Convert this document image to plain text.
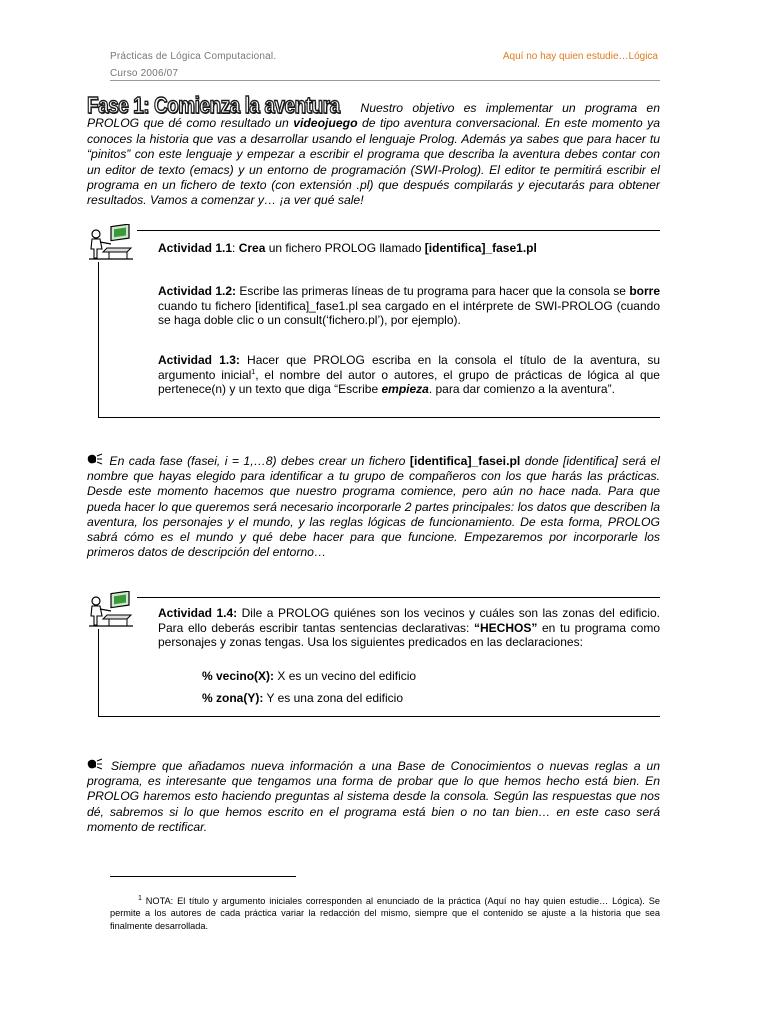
Prácticas de Lógica Computacional.
Curso 2006/07
Aquí no hay quien estudie…Lógica
Fase 1: Comienza la aventura Nuestro objetivo es implementar un programa en PROLOG que dé como resultado un videojuego de tipo aventura conversacional. En este momento ya conoces la historia que vas a desarrollar usando el lenguaje Prolog. Además ya sabes que para hacer tu “pinitos” con este lenguaje y empezar a escribir el programa que describa la aventura debes contar con un editor de texto (emacs) y un entorno de programación (SWI-Prolog). El editor te permitirá escribir el programa en un fichero de texto (con extensión .pl) que después compilarás y ejecutarás para obtener resultados. Vamos a comenzar y… ¡a ver qué sale!
Actividad 1.1: Crea un fichero PROLOG llamado [identifica]_fase1.pl
Actividad 1.2: Escribe las primeras líneas de tu programa para hacer que la consola se borre cuando tu fichero [identifica]_fase1.pl sea cargado en el intérprete de SWI-PROLOG (cuando se haga doble clic o un consult(‘fichero.pl’), por ejemplo).
Actividad 1.3: Hacer que PROLOG escriba en la consola el título de la aventura, su argumento inicial$^1$, el nombre del autor o autores, el grupo de prácticas de lógica al que pertenece(n) y un texto que diga “Escribe empieza. para dar comienzo a la aventura”.
En cada fase (fasei, i = 1,…8) debes crear un fichero [identifica]_fasei.pl donde [identifica] será el nombre que hayas elegido para identificar a tu grupo de compañeros con los que harás las prácticas. Desde este momento hacemos que nuestro programa comience, pero aún no hace nada. Para que pueda hacer lo que queremos será necesario incorporarle 2 partes principales: los datos que describen la aventura, los personajes y el mundo, y las reglas lógicas de funcionamiento. De esta forma, PROLOG sabrá cómo es el mundo y qué debe hacer para que funcione. Empezaremos por incorporarle los primeros datos de descripción del entorno…
Actividad 1.4: Dile a PROLOG quiénes son los vecinos y cuáles son las zonas del edificio. Para ello deberás escribir tantas sentencias declarativas: “HECHOS” en tu programa como personajes y zonas tengas. Usa los siguientes predicados en las declaraciones:
% vecino(X): X es un vecino del edificio
% zona(Y): Y es una zona del edificio
Siempre que añadamos nueva información a una Base de Conocimientos o nuevas reglas a un programa, es interesante que tengamos una forma de probar que lo que hemos hecho está bien. En PROLOG haremos esto haciendo preguntas al sistema desde la consola. Según las respuestas que nos dé, sabremos si lo que hemos escrito en el programa está bien o no tan bien… en este caso será momento de rectificar.
$^1$ NOTA: El título y argumento iniciales corresponden al enunciado de la práctica (Aquí no hay quien estudie… Lógica). Se permite a los autores de cada práctica variar la redacción del mismo, siempre que el contenido se ajuste a la historia que sea finalmente desarrollada.
